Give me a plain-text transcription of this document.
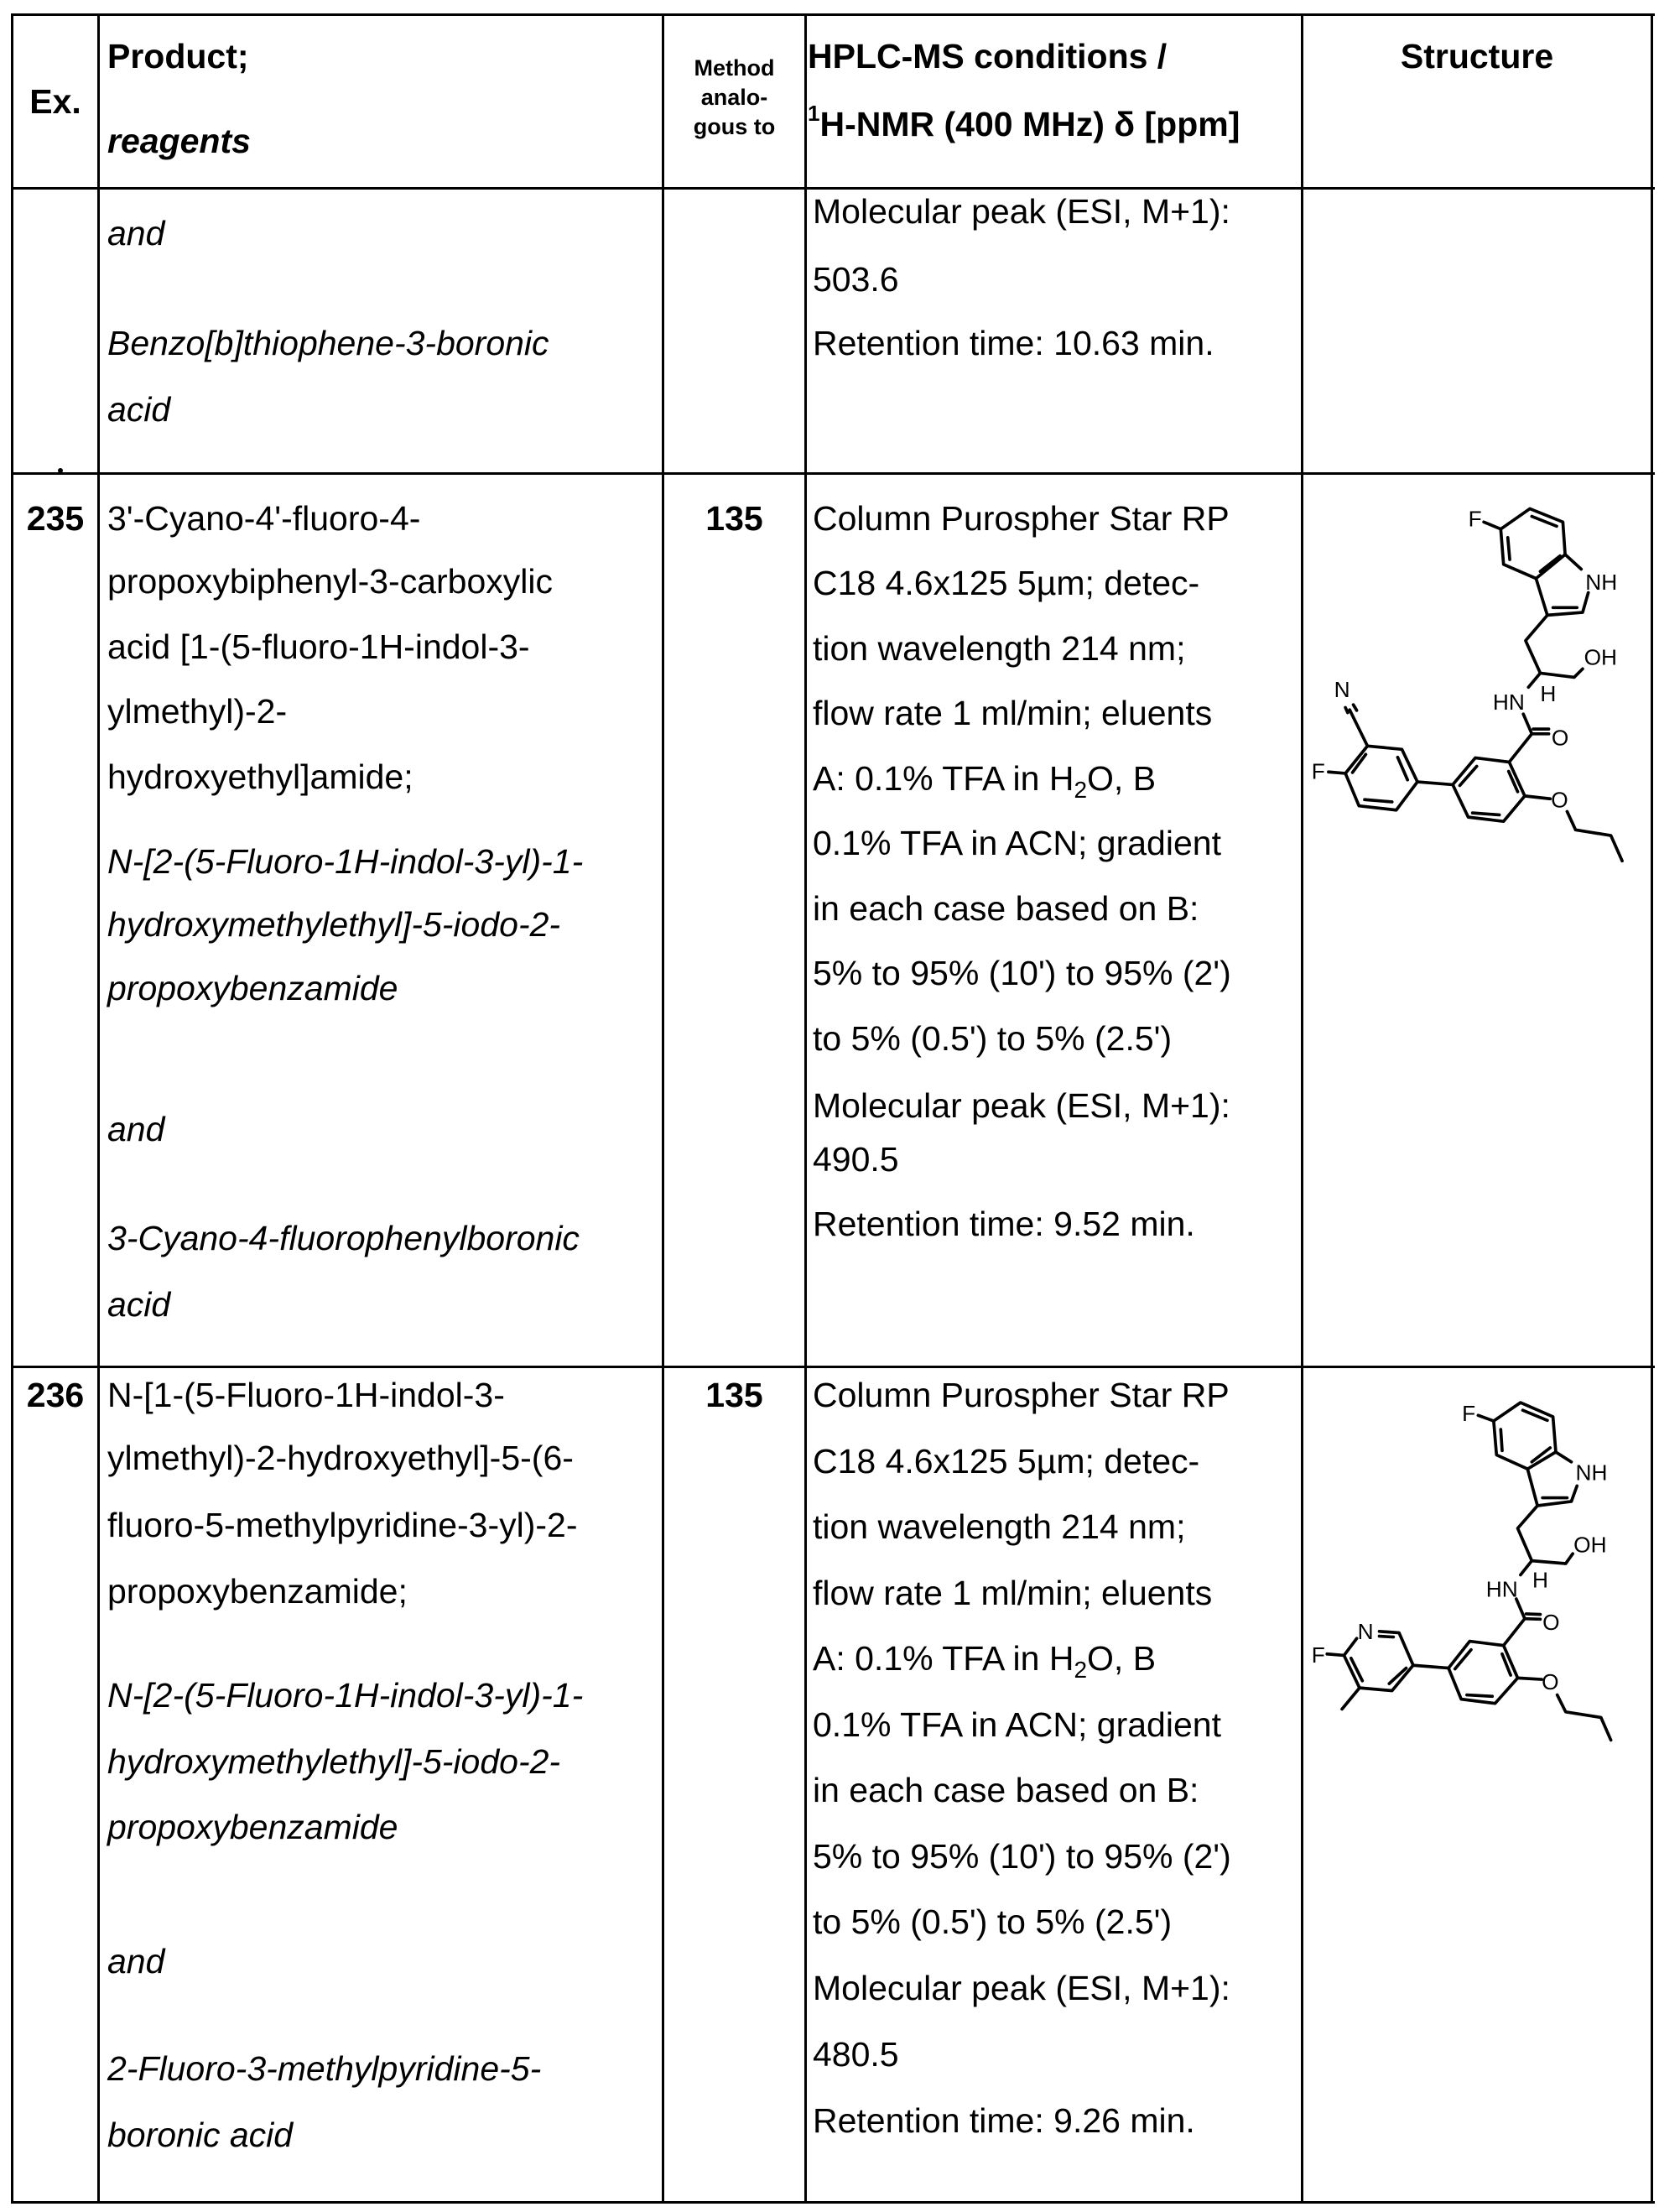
Ex.
Product;
reagents
Method
analo-
gous to
HPLC-MS conditions /
1H-NMR (400 MHz) δ [ppm]
Structure
and
Benzo[b]thiophene-3-boronic
acid
Molecular peak (ESI, M+1):
503.6
Retention time: 10.63 min.
235	135
3'-Cyano-4'-fluoro-4-
propoxybiphenyl-3-carboxylic
acid [1-(5-fluoro-1H-indol-3-
ylmethyl)-2-
hydroxyethyl]amide;
N-[2-(5-Fluoro-1H-indol-3-yl)-1-
hydroxymethylethyl]-5-iodo-2-
propoxybenzamide
and
3-Cyano-4-fluorophenylboronic
acid
Column Purospher Star RP
C18 4.6x125 5µm; detec-
tion wavelength 214 nm;
flow rate 1 ml/min; eluents
A: 0.1% TFA in H2O, B
0.1% TFA in ACN; gradient
in each case based on B:
5% to 95% (10') to 95% (2')
to 5% (0.5') to 5% (2.5')
Molecular peak (ESI, M+1):
490.5
Retention time: 9.52 min.
F
NH
OH
H
HN
O
O
F
N
236	135
N-[1-(5-Fluoro-1H-indol-3-
ylmethyl)-2-hydroxyethyl]-5-(6-
fluoro-5-methylpyridine-3-yl)-2-
propoxybenzamide;
N-[2-(5-Fluoro-1H-indol-3-yl)-1-
hydroxymethylethyl]-5-iodo-2-
propoxybenzamide
and
2-Fluoro-3-methylpyridine-5-
boronic acid
Column Purospher Star RP
C18 4.6x125 5µm; detec-
tion wavelength 214 nm;
flow rate 1 ml/min; eluents
A: 0.1% TFA in H2O, B
0.1% TFA in ACN; gradient
in each case based on B:
5% to 95% (10') to 95% (2')
to 5% (0.5') to 5% (2.5')
Molecular peak (ESI, M+1):
480.5
Retention time: 9.26 min.
F
NH
OH
H
HN
O
O
F
N
